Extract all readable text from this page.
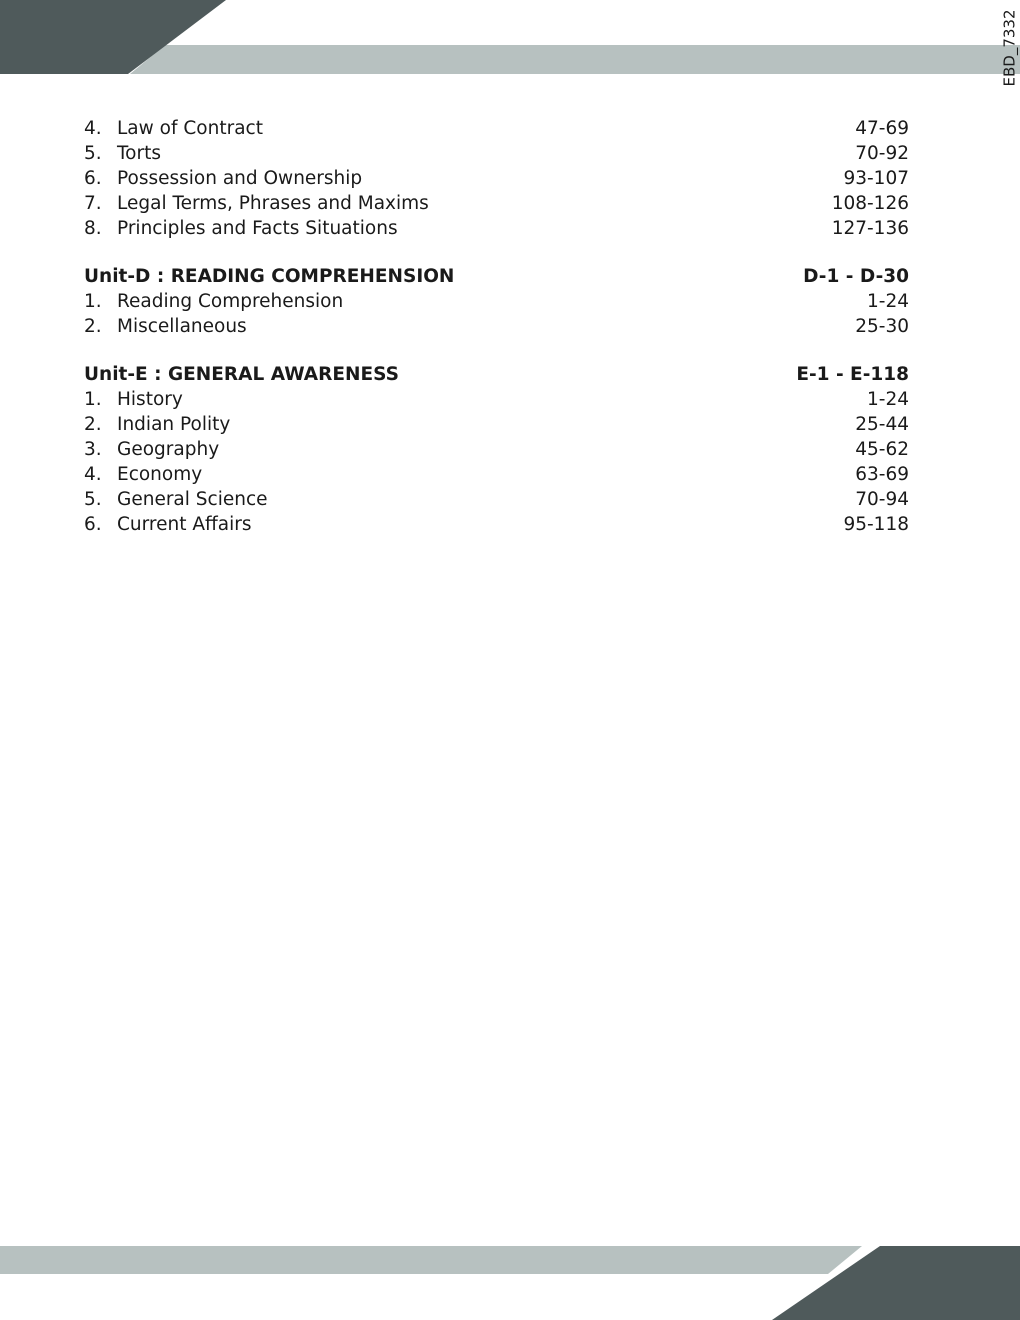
EBD_7332
4. Law of Contract	47-69
5. Torts	70-92
6. Possession and Ownership	93-107
7. Legal Terms, Phrases and Maxims	108-126
8. Principles and Facts Situations	127-136
Unit-D : READING COMPREHENSION	D-1 - D-30
1. Reading Comprehension	1-24
2. Miscellaneous	25-30
Unit-E : GENERAL AWARENESS	E-1 - E-118
1. History	1-24
2. Indian Polity	25-44
3. Geography	45-62
4. Economy	63-69
5. General Science	70-94
6. Current Affairs	95-118
